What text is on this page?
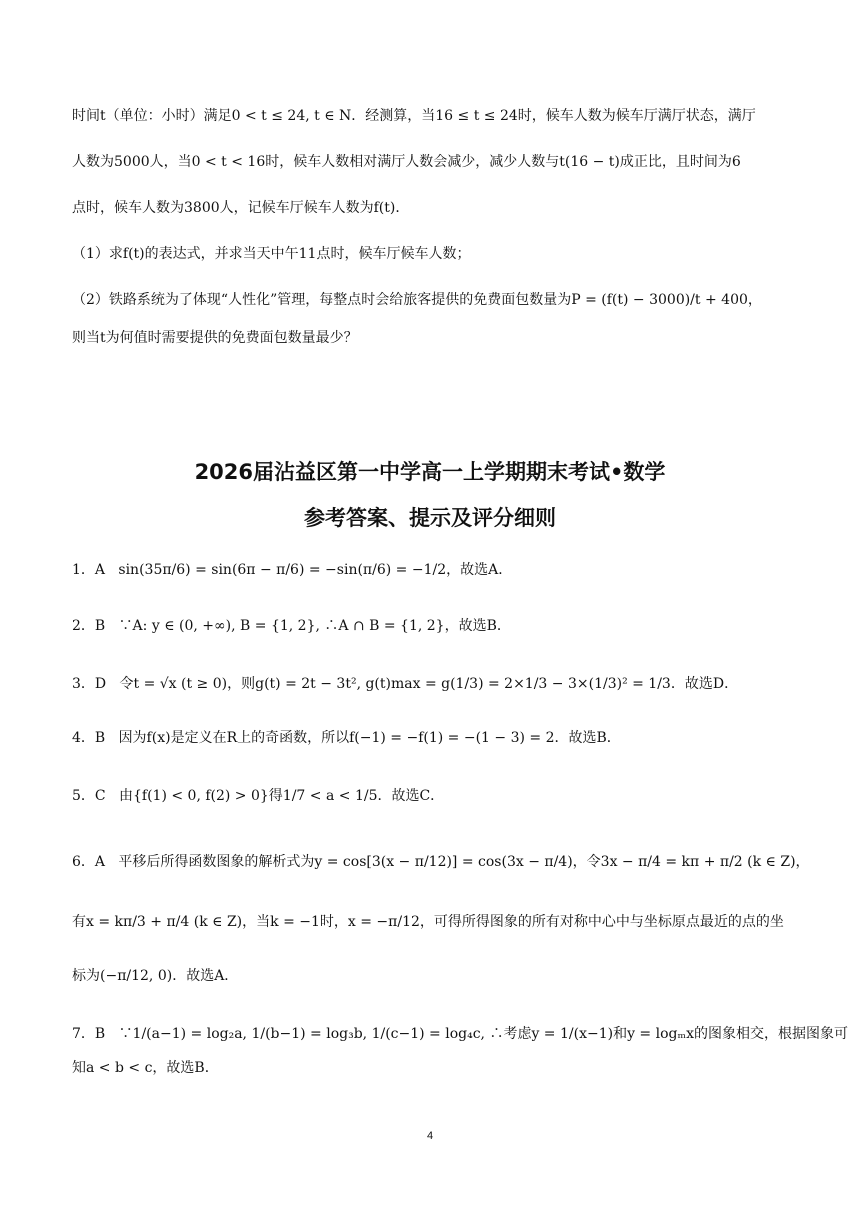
时间t（单位：小时）满足0 < t ≤ 24, t ∈ N．经测算，当16 ≤ t ≤ 24时，候车人数为候车厅满厅状态，满厅
人数为5000人，当0 < t < 16时，候车人数相对满厅人数会减少，减少人数与t(16 − t)成正比，且时间为6
点时，候车人数为3800人，记候车厅候车人数为f(t)．
（1）求f(t)的表达式，并求当天中午11点时，候车厅候车人数；
（2）铁路系统为了体现“人性化”管理，每整点时会给旅客提供的免费面包数量为P = (f(t) − 3000)/t + 400，
则当t为何值时需要提供的免费面包数量最少？
2026届沾益区第一中学高一上学期期末考试•数学
参考答案、提示及评分细则
1．A sin(35π/6) = sin(6π − π/6) = −sin(π/6) = −1/2，故选A．
2．B ∵A: y ∈ (0, +∞), B = {1, 2}, ∴A ∩ B = {1, 2}，故选B．
3．D 令t = √x (t ≥ 0)，则g(t) = 2t − 3t², g(t)max = g(1/3) = 2×1/3 − 3×(1/3)² = 1/3．故选D．
4．B 因为f(x)是定义在R上的奇函数，所以f(−1) = −f(1) = −(1 − 3) = 2．故选B．
5．C 由{f(1) < 0, f(2) > 0}得1/7 < a < 1/5．故选C．
6．A 平移后所得函数图象的解析式为y = cos[3(x − π/12)] = cos(3x − π/4)，令3x − π/4 = kπ + π/2 (k ∈ Z)，
有x = kπ/3 + π/4 (k ∈ Z)，当k = −1时，x = −π/12，可得所得图象的所有对称中心中与坐标原点最近的点的坐
标为(−π/12, 0)．故选A．
7．B ∵1/(a−1) = log₂a, 1/(b−1) = log₃b, 1/(c−1) = log₄c, ∴考虑y = 1/(x−1)和y = logₘx的图象相交，根据图象可
知a < b < c，故选B．
4
